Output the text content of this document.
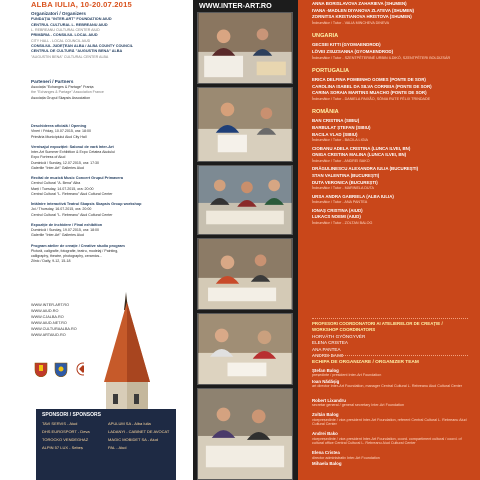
ALBA IULIA, 10-20.07.2015
Organizatori / Organizers
FUNDAȚIA "INTER-ART" FOUNDATION AIUD
CENTRUL CULTURAL L. REBREANU AIUD
L. REBREANU CULTURAL CENTER AIUD
PRIMĂRIA - CONSILIUL LOCAL AIUD
CITY HALL - LOCAL COUNCIL AIUD
CONSILIUL JUDEȚEAN ALBA / ALBA COUNTY COUNCIL
CENTRUL DE CULTURĂ "AUGUSTIN BENA" ALBA
"AUGUSTIN BENA" CULTURAL CENTER ALBA
Parteneri / Partners
Asociația "Echanges & Partage" Franța
the "Echanges & Partage" Association France
Asociația Grupul Skapsis Association
Deschiderea oficială / Opening
Vineri / Friday, 10.07.2015, ora: 18:00
Primăria Municipiului Aiud City Hall
Vernisajul expoziției: Salonul de vară Inter-Art
Inter-Art Summer Exhibition & Expo Cetatea Aiudului
Expo Fortress of Aiud
Duminică / Sunday, 12.07.2015, ora: 17:30
Galeriile "Inter-Art" Galleries Aiud
Recital de muzică Music Concert Grupul Primavera
Centrul Cultural "A. Bena" Alba
Marți / Tuesday, 14.07.2015, ora: 20:00
Central Cultural "L. Rebreanu" Aiud Cultural Center
Întâlnire interactivă Teatrul Skapsis Skapsis Group workshop
Joi / Thursday, 16.07.2015, ora: 20:00
Centrul Cultural "L. Rebreanu" Aiud Cultural Center
Expoziție de închidere / Final exhibition
Duminică / Sunday, 19.07.2015, ora: 18:00
Galeriile "Inter-Art" Galleries Aiud
Program atelier de creație / Creative studio program
Pictură, caligrafie, fotografie, teatru, modelaj / Painting,
calligraphy, theatre, photography, ceramics...
Zilnic / Daily, 9-12, 15-18
WWW.INTER-ART.RO
WWW.AIUD.RO
WWW.CJALBA.RO
WWW.AIUD-NET.RO
WWW.CULTURAALBA.RO
WWW.ARTAIUD.RO
SPONSORI / SPONSORS
TAVI SERVIS - Aiud	APULUM SA - Alba Iulia
DHS EUROSPORT - Deva	LADANYI - CABINET DE AVOCAT
TOROCKO VENDEGHAZ	MAGIC MOBIDET SA - Aiud
ALPIN 57 LUX - Sebeș	PAL - Aiud
WWW.INTER-ART.RO	ANNA BORISLAVOVA ZAHARIEVA (SHUMEN)
IVANA -MADLEN DIYANOVA ZLATEVA (SHUMEN)
ZORNITSA KRISTIANOVA HRISTOVA (SHUMEN)
Îndrumător / Tutor - VALIA MINCHEVA DINEVA
UNGARIA
GECSEI KITTI (GYOMAENDROD)
LÖVEI ZSUZSANNA (GYOMAENDROD)
Îndrumător / Tutor - SZENTPÉTERINÉ URBIN ILDIKÓ, SZENTPÉTERI BOLDIZSÁR
PORTUGALIA
ERICA DELFINA POMBINHO GOMES (PONTE DE SOR)
CAROLINA ISABEL DA SILVA CORREIA (PONTE DE SOR)
CARINA SORAIA MARTINS MUACHO (PONTE DE SOR)
Îndrumător / Tutor - DANIELA PAIXÃO, SÓNIA RUTE FÉLIX TRINDADE
ROMÂNIA
BAN CRISTINA (SIBIU)
BARBULAT ȘTEFAN (SIBIU)
BACILA VLAD (SIBIU)
Îndrumător / Tutor - BACILA LIGIA
CIOBANU ADELA CRISTINA (LUNCA ILVEI, BN)
ONIGA CRISTINA MALINA (LUNCA ILVEI, BN)
Îndrumător / Tutor - ANDREI BAKO
DRĂGULINESCU ALEXANDRA IULIA (BUCUREȘTI)
STAN VALENTINA (BUCUREȘTI)
DUTA VERONICA (BUCUREȘTI)
Îndrumător / Tutor - MARINELA DUTA
URSA ANDRA GABRIELA (ALBA IULIA)
Îndrumător / Tutor - ANA PANTEA
IONAȘ CRISTINA (AIUD)
LUKACS NOEMI (AIUD)
Îndrumător / Tutor - ZOLTAN BALOG
PROFESORI COORDONATORI AI ATELIERELOR DE CREAȚIE / WORKSHOP COORDINATORS
HORVÁTH GYÖNGYVÉR
ELENA CRISTEA
ANA PANTEA
ANDREI BAKO
ECHIPA DE ORGANIZARE / ORGANIZER TEAM
Ștefan Balog
președinte / president Inter-Art Foundation
Ioan Nădășig
art director Inter-Art Foundation, manager Central Cultural L. Rebreanu Aiud Cultural Center
Robert Lixandru
secretar general / general secretary Inter-Art Foundation
Zoltán Balog
vicepreședinte / vice-president Inter-Art Foundation, referent Central Cultural L. Rebreanu Aiud Cultural Center
Andrei Bako
vicepreședinte / vice-president Inter-Art Foundation, coord. compartiment cultural / coord. of cultural office Central Cultural L. Rebreanu Aiud Cultural Center
Elena Cristea
director administrativ Inter-Art Foundation
Mihaela Balog
